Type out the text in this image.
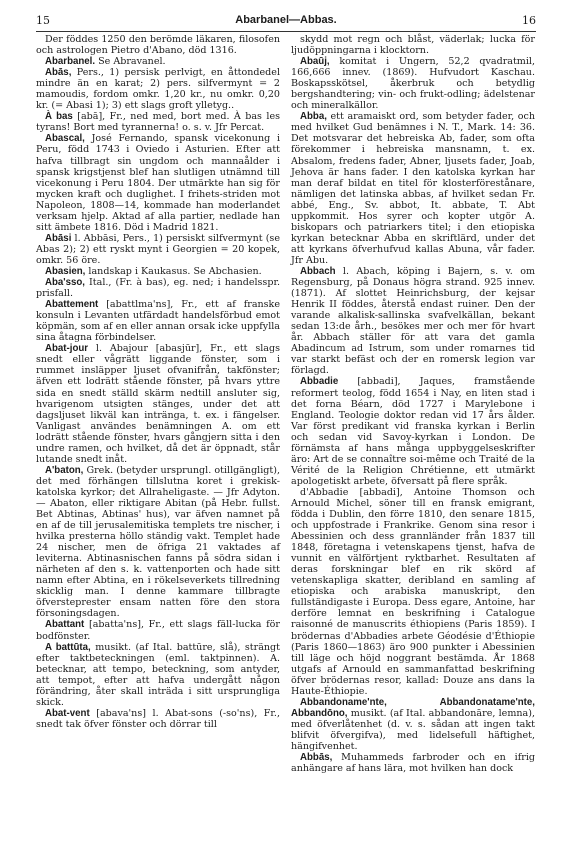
15	Abarbanel—Abbas.	16

Der föddes 1250 den berömde läkaren, filosofen och astrologen Pietro d'Abano, död 1316.

Abarbanel. Se Abravanel.

Abās, Pers., 1) persisk perlvigt, en åttondedel mindre än en karat; 2) pers. silfvermynt = 2 mamoudis, fordom omkr. 1,20 kr., nu omkr. 0,20 kr. (= Abasi 1); 3) ett slags groft ylletyg..

À bas [abā], Fr., ned med, bort med. À bas les tyrans! Bort med tyrannerna! o. s. v. Jfr Percat.

Abascal, José Fernando, spansk vicekonung i Peru, född 1743 i Oviedo i Asturien. Efter att hafva tillbragt sin ungdom och mannaålder i spansk krigstjenst blef han slutligen utnämnd till vicekonung i Peru 1804. Der utmärkte han sig för mycken kraft och duglighet. I frihets-striden mot Napoleon, 1808—14, kommade han moderlandet verksam hjelp. Aktad af alla partier, nedlade han sitt ämbete 1816. Död i Madrid 1821.

Abāsi l. Abbāsi, Pers., 1) persiskt silfvermynt (se Abas 2); 2) ett ryskt mynt i Georgien = 20 kopek, omkr. 56 öre.

Abasien, landskap i Kaukasus. Se Abchasien.

Aba'sso, Ital., (Fr. à bas), eg. ned; i handelsspr. prisfall.

Abattement [abattlma'ns], Fr., ett af franske konsuln i Levanten utfärdadt handelsförbud emot köpmän, som af en eller annan orsak icke uppfylla sina åtagna förbindelser.

Abat-jour l. Abajour [abasjūr], Fr., ett slags snedt eller vågrätt liggande fönster, som i rummet insläpper ljuset ofvanifrån, takfönster; äfven ett lodrätt stående fönster, på hvars yttre sida en snedt ställd skärm nedtill ansluter sig, hvarigenom utsigten stänges, under det att dagsljuset likväl kan intränga, t. ex. i fängelser. Vanligast användes benämningen A. om ett lodrätt stående fönster, hvars gångjern sitta i den undre ramen, och hvilket, då det är öppnadt, står lutande snedt inåt.

A'baton, Grek. (betyder ursprungl. otillgängligt), det med förhängen tillslutna koret i grekisk-katolska kyrkor; det Allraheligaste. — Jfr Adyton. — Abaton, eller riktigare Abitan (på Hebr. fullst. Bet Abtinas, Abtinas' hus), var äfven namnet på en af de till jerusalemitiska templets tre nischer, i hvilka presterna höllo ständig vakt. Templet hade 24 nischer, men de öfriga 21 vaktades af leviterna. Abtinasnischen fanns på södra sidan i närheten af den s. k. vattenporten och hade sitt namn efter Abtina, en i rökelseverkets tillredning skicklig man. I denne kammare tillbragte öfversteprester ensam natten före den stora försoningsdagen.

Abattant [abatta'ns], Fr., ett slags fäll-lucka för bodfönster.

A battūta, musikt. (af Ital. battūre, slå), strängt efter taktbeteckningen (eml. taktpinnen). A. betecknar, att tempo, beteckning, som antyder, att tempot, efter att hafva undergått någon förändring, åter skall inträda i sitt ursprungliga skick.

Abat-vent [abava'ns] l. Abat-sons (-so'ns), Fr., snedt tak öfver fönster och dörrar till

skydd mot regn och blåst, väderlak; lucka för ljudöppningarna i klocktorn.

Abaūj, komitat i Ungern, 52,2 qvadratmil, 166,666 innev. (1869). Hufvudort Kaschau. Boskapsskötsel, åkerbruk och betydlig bergshandtering; vin- och frukt-odling; ädelstenar och mineralkällor.

Abba, ett aramaiskt ord, som betyder fader, och med hvilket Gud benämnes i N. T., Mark. 14: 36. Det motsvarar det hebreiska Ab, fader, som ofta förekommer i hebreiska mansnamn, t. ex. Absalom, fredens fader, Abner, ljusets fader, Joab, Jehova är hans fader. I den katolska kyrkan har man deraf bildat en titel för klosterförestånare, nämligen det latinska abbas, af hvilket sedan Fr. abbé, Eng., Sv. abbot, It. abbate, T. Abt uppkommit. Hos syrer och kopter utgör A. biskopars och patriarkers titel; i den etiopiska kyrkan betecknar Abba en skriftlärd, under det att kyrkans öfverhufvud kallas Abuna, vår fader. Jfr Abu.

Abbach l. Abach, köping i Bajern, s. v. om Regensburg, på Donaus högra strand. 925 innev. (1871). Af slottet Heinrichsburg, der kejsar Henrik II föddes, återstå endast ruiner. Den der varande alkalisk-sallinska svafvelkällan, bekant sedan 13:de årh., besökes mer och mer för hvart år. Abbach ställer för att vara det gamla Abadincum ad Istrum, som under romarnes tid var starkt befäst och der en romersk legion var förlagd.

Abbadie [abbadi], Jaques, framstående reformert teolog, född 1654 i Nay, en liten stad i det forna Béarn, död 1727 i Marylebone i England. Teologie doktor redan vid 17 års ålder. Var först predikant vid franska kyrkan i Berlin och sedan vid Savoy-kyrkan i London. De förnämsta af hans många uppbyggelseskrifter äro: Art de se connaître soi-même och Traité de la Vérité de la Religion Chrétienne, ett utmärkt apologetiskt arbete, öfversatt på flere språk.

d'Abbadie [abbadi], Antoine Thomson och Arnould Michel, söner till en fransk emigrant, födda i Dublin, den förre 1810, den senare 1815, och uppfostrade i Frankrike. Genom sina resor i Abessinien och dess grannländer från 1837 till 1848, företagna i vetenskapens tjenst, hafva de vunnit en välförtjent ryktbarhet. Resultaten af deras forskningar blef en rik skörd af vetenskapliga skatter, deribland en samling af etiopiska och arabiska manuskript, den fullständigaste i Europa. Dess egare, Antoine, har derföre lemnat en beskrifning i Catalogue raisonné de manuscrits éthiopiens (Paris 1859). I brödernas d'Abbadies arbete Géodésie d'Éthiopie (Paris 1860—1863) äro 900 punkter i Abessinien till läge och höjd noggrant bestämda. År 1868 utgafs af Arnould en sammanfattad beskrifning öfver brödernas resor, kallad: Douze ans dans la Haute-Éthiopie.

Abbandoname'nte, Abbandonatame'nte, Abbandōno, musikt. (af Ital. abbandonāre, lemna), med öfverlåtenhet (d. v. s. sådan att ingen takt blifvit öfvergifva), med lidelsefull häftighet, hängifvenhet.

Abbās, Muhammeds farbroder och en ifrig anhängare af hans lära, mot hvilken han dock
